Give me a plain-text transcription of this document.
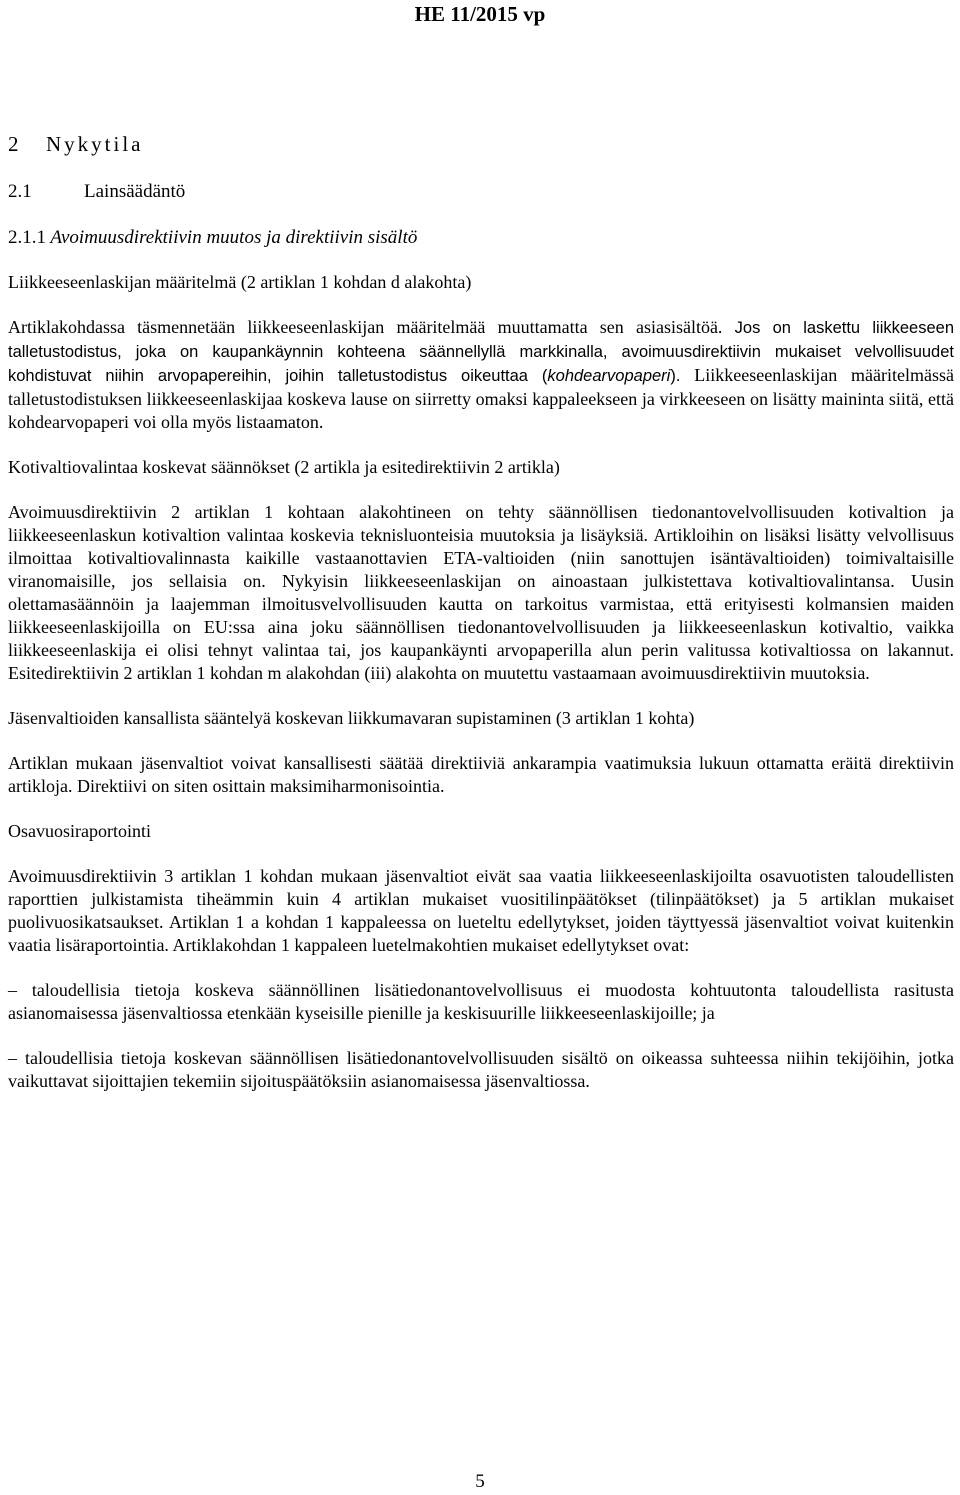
HE 11/2015 vp
2 Nykytila
2.1	Lainsäädäntö
2.1.1 Avoimuusdirektiivin muutos ja direktiivin sisältö
Liikkeeseenlaskijan määritelmä (2 artiklan 1 kohdan d alakohta)
Artiklakohdassa täsmennetään liikkeeseenlaskijan määritelmää muuttamatta sen asiasisältöä. Jos on laskettu liikkeeseen talletustodistus, joka on kaupankäynnin kohteena säännellyllä markkinalla, avoimuusdirektiivin mukaiset velvollisuudet kohdistuvat niihin arvopapereihin, joihin talletustodistus oikeuttaa (kohdearvopaperi). Liikkeeseenlaskijan määritelmässä talletustodistuksen liikkeeseenlaskijaa koskeva lause on siirretty omaksi kappaleekseen ja virkkeeseen on lisätty maininta siitä, että kohdearvopaperi voi olla myös listaamaton.
Kotivaltiovalintaa koskevat säännökset (2 artikla ja esitedirektiivin 2 artikla)
Avoimuusdirektiivin 2 artiklan 1 kohtaan alakohtineen on tehty säännöllisen tiedonantovelvollisuuden kotivaltion ja liikkeeseenlaskun kotivaltion valintaa koskevia teknisluonteisia muutoksia ja lisäyksiä. Artikloihin on lisäksi lisätty velvollisuus ilmoittaa kotivaltiovalinnasta kaikille vastaanottavien ETA-valtioiden (niin sanottujen isäntävaltioiden) toimivaltaisille viranomaisille, jos sellaisia on. Nykyisin liikkeeseenlaskijan on ainoastaan julkistettava kotivaltiovalintansa. Uusin olettamasäännöin ja laajemman ilmoitusvelvollisuuden kautta on tarkoitus varmistaa, että erityisesti kolmansien maiden liikkeeseenlaskijoilla on EU:ssa aina joku säännöllisen tiedonantovelvollisuuden ja liikkeeseenlaskun kotivaltio, vaikka liikkeeseenlaskija ei olisi tehnyt valintaa tai, jos kaupankäynti arvopaperilla alun perin valitussa kotivaltiossa on lakannut. Esitedirektiivin 2 artiklan 1 kohdan m alakohdan (iii) alakohta on muutettu vastaamaan avoimuusdirektiivin muutoksia.
Jäsenvaltioiden kansallista sääntelyä koskevan liikkumavaran supistaminen (3 artiklan 1 kohta)
Artiklan mukaan jäsenvaltiot voivat kansallisesti säätää direktiiviä ankarampia vaatimuksia lukuun ottamatta eräitä direktiivin artikloja. Direktiivi on siten osittain maksimiharmonisointia.
Osavuosiraportointi
Avoimuusdirektiivin 3 artiklan 1 kohdan mukaan jäsenvaltiot eivät saa vaatia liikkeeseenlaskijoilta osavuotisten taloudellisten raporttien julkistamista tiheämmin kuin 4 artiklan mukaiset vuositilinpäätökset (tilinpäätökset) ja 5 artiklan mukaiset puolivuosikatsaukset. Artiklan 1 a kohdan 1 kappaleessa on lueteltu edellytykset, joiden täyttyessä jäsenvaltiot voivat kuitenkin vaatia lisäraportointia. Artiklakohdan 1 kappaleen luetelmakohtien mukaiset edellytykset ovat:
– taloudellisia tietoja koskeva säännöllinen lisätiedonantovelvollisuus ei muodosta kohtuutonta taloudellista rasitusta asianomaisessa jäsenvaltiossa etenkään kyseisille pienille ja keskisuurille liikkeeseenlaskijoille; ja
– taloudellisia tietoja koskevan säännöllisen lisätiedonantovelvollisuuden sisältö on oikeassa suhteessa niihin tekijöihin, jotka vaikuttavat sijoittajien tekemiin sijoituspäätöksiin asianomaisessa jäsenvaltiossa.
5
